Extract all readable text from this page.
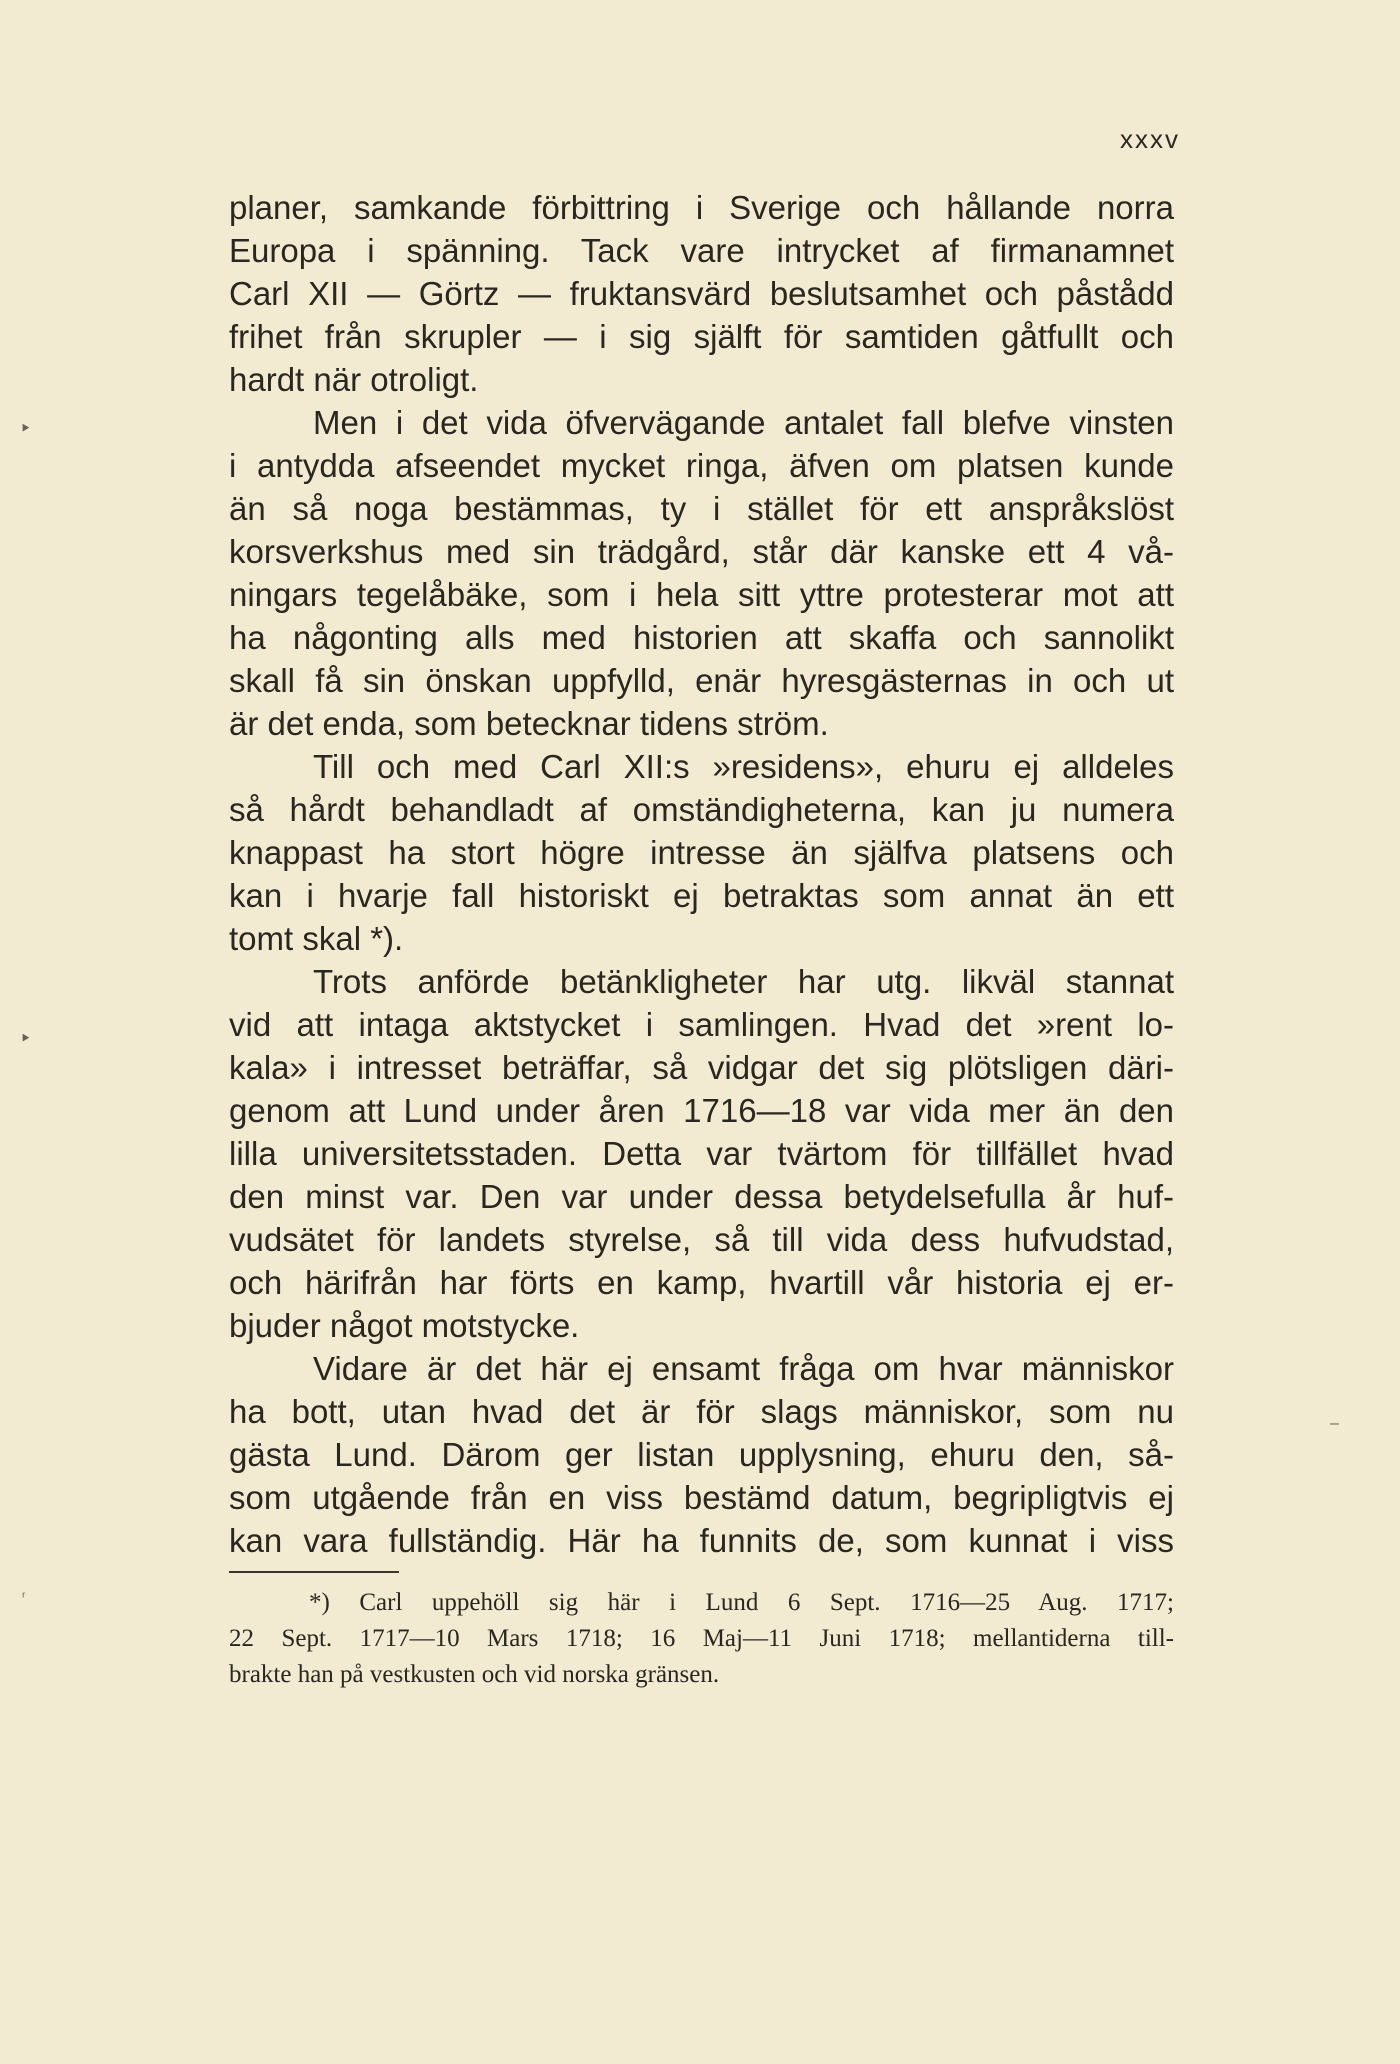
xxxv
planer, samkande förbittring i Sverige och hållande norra
Europa i spänning. Tack vare intrycket af firmanamnet
Carl XII — Görtz — fruktansvärd beslutsamhet och påstådd
frihet från skrupler — i sig själft för samtiden gåtfullt och
hardt när otroligt.
Men i det vida öfvervägande antalet fall blefve vinsten
i antydda afseendet mycket ringa, äfven om platsen kunde
än så noga bestämmas, ty i stället för ett anspråkslöst
korsverkshus med sin trädgård, står där kanske ett 4 vå-
ningars tegelåbäke, som i hela sitt yttre protesterar mot att
ha någonting alls med historien att skaffa och sannolikt
skall få sin önskan uppfylld, enär hyresgästernas in och ut
är det enda, som betecknar tidens ström.
Till och med Carl XII:s »residens», ehuru ej alldeles
så hårdt behandladt af omständigheterna, kan ju numera
knappast ha stort högre intresse än själfva platsens och
kan i hvarje fall historiskt ej betraktas som annat än ett
tomt skal *).
Trots anförde betänkligheter har utg. likväl stannat
vid att intaga aktstycket i samlingen. Hvad det »rent lo-
kala» i intresset beträffar, så vidgar det sig plötsligen däri-
genom att Lund under åren 1716—18 var vida mer än den
lilla universitetsstaden. Detta var tvärtom för tillfället hvad
den minst var. Den var under dessa betydelsefulla år huf-
vudsätet för landets styrelse, så till vida dess hufvudstad,
och härifrån har förts en kamp, hvartill vår historia ej er-
bjuder något motstycke.
Vidare är det här ej ensamt fråga om hvar människor
ha bott, utan hvad det är för slags människor, som nu
gästa Lund. Därom ger listan upplysning, ehuru den, så-
som utgående från en viss bestämd datum, begripligtvis ej
kan vara fullständig. Här ha funnits de, som kunnat i viss
*) Carl uppehöll sig här i Lund 6 Sept. 1716—25 Aug. 1717;
22 Sept. 1717—10 Mars 1718; 16 Maj—11 Juni 1718; mellantiderna till-
brakte han på vestkusten och vid norska gränsen.
⯈
⯈
ʳ
–
